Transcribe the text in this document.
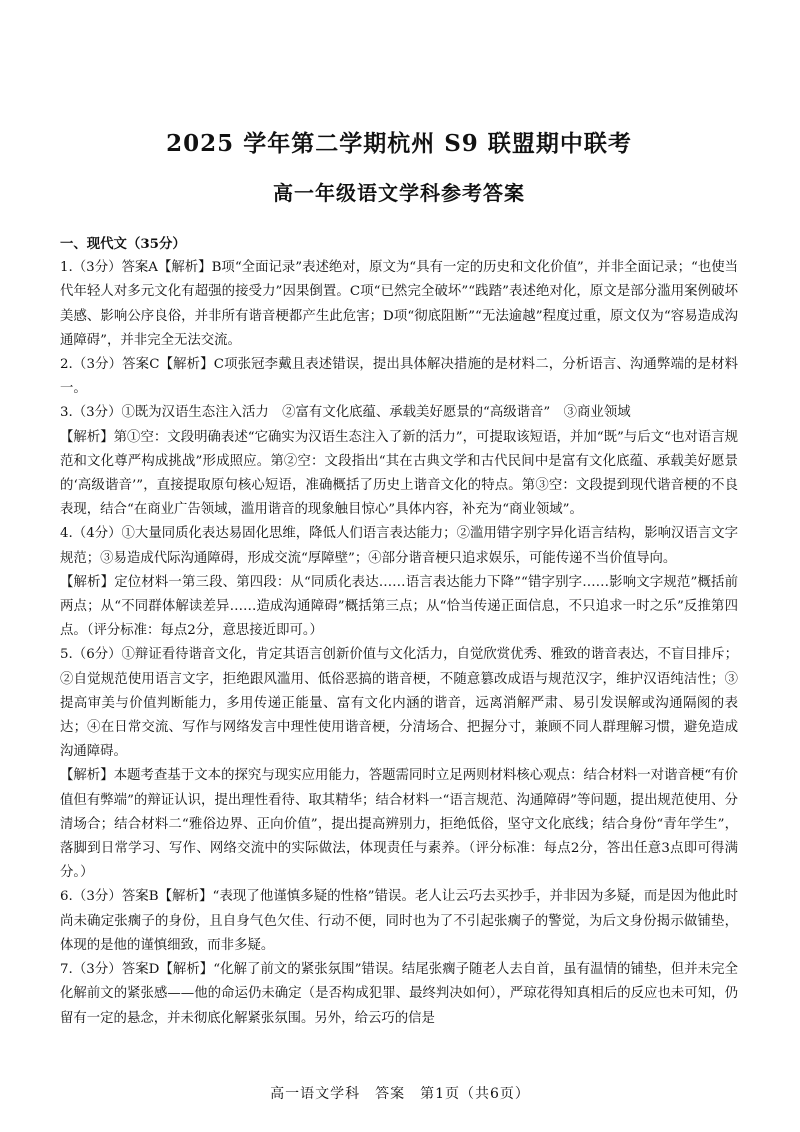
2025 学年第二学期杭州 S9 联盟期中联考
高一年级语文学科参考答案

一、现代文（35分）

1.（3分）答案A【解析】B项“全面记录”表述绝对，原文为“具有一定的历史和文化价值”，并非全面记录；“也使当代年轻人对多元文化有超强的接受力”因果倒置。C项“已然完全破坏”“践踏”表述绝对化，原文是部分滥用案例破坏美感、影响公序良俗，并非所有谐音梗都产生此危害；D项“彻底阻断”“无法逾越”程度过重，原文仅为“容易造成沟通障碍”，并非完全无法交流。

2.（3分）答案C【解析】C项张冠李戴且表述错误，提出具体解决措施的是材料二，分析语言、沟通弊端的是材料一。

3.（3分）①既为汉语生态注入活力　②富有文化底蕴、承载美好愿景的“高级谐音”　③商业领域

【解析】第①空：文段明确表述“它确实为汉语生态注入了新的活力”，可提取该短语，并加“既”与后文“也对语言规范和文化尊严构成挑战”形成照应。第②空：文段指出“其在古典文学和古代民间中是富有文化底蕴、承载美好愿景的‘高级谐音’”，直接提取原句核心短语，准确概括了历史上谐音文化的特点。第③空：文段提到现代谐音梗的不良表现，结合“在商业广告领域，滥用谐音的现象触目惊心”具体内容，补充为“商业领域”。

4.（4分）①大量同质化表达易固化思维，降低人们语言表达能力；②滥用错字别字异化语言结构，影响汉语言文字规范；③易造成代际沟通障碍，形成交流“厚障壁”；④部分谐音梗只追求娱乐，可能传递不当价值导向。

【解析】定位材料一第三段、第四段：从“同质化表达……语言表达能力下降”“错字别字……影响文字规范”概括前两点；从“不同群体解读差异……造成沟通障碍”概括第三点；从“恰当传递正面信息，不只追求一时之乐”反推第四点。（评分标准：每点2分，意思接近即可。）

5.（6分）①辩证看待谐音文化，肯定其语言创新价值与文化活力，自觉欣赏优秀、雅致的谐音表达，不盲目排斥；②自觉规范使用语言文字，拒绝跟风滥用、低俗恶搞的谐音梗，不随意篡改成语与规范汉字，维护汉语纯洁性；③提高审美与价值判断能力，多用传递正能量、富有文化内涵的谐音，远离消解严肃、易引发误解或沟通隔阂的表达；④在日常交流、写作与网络发言中理性使用谐音梗，分清场合、把握分寸，兼顾不同人群理解习惯，避免造成沟通障碍。

【解析】本题考查基于文本的探究与现实应用能力，答题需同时立足两则材料核心观点：结合材料一对谐音梗“有价值但有弊端”的辩证认识，提出理性看待、取其精华；结合材料一“语言规范、沟通障碍”等问题，提出规范使用、分清场合；结合材料二“雅俗边界、正向价值”，提出提高辨别力，拒绝低俗，坚守文化底线；结合身份“青年学生”，落脚到日常学习、写作、网络交流中的实际做法，体现责任与素养。（评分标准：每点2分，答出任意3点即可得满分。）

6.（3分）答案B【解析】“表现了他谨慎多疑的性格”错误。老人让云巧去买抄手，并非因为多疑，而是因为他此时尚未确定张瘸子的身份，且自身气色欠佳、行动不便，同时也为了不引起张瘸子的警觉，为后文身份揭示做铺垫，体现的是他的谨慎细致，而非多疑。

7.（3分）答案D【解析】“化解了前文的紧张氛围”错误。结尾张瘸子随老人去自首，虽有温情的铺垫，但并未完全化解前文的紧张感——他的命运仍未确定（是否构成犯罪、最终判决如何），严琼花得知真相后的反应也未可知，仍留有一定的悬念，并未彻底化解紧张氛围。另外，给云巧的信是

高一语文学科　答案　第1页（共6页）
